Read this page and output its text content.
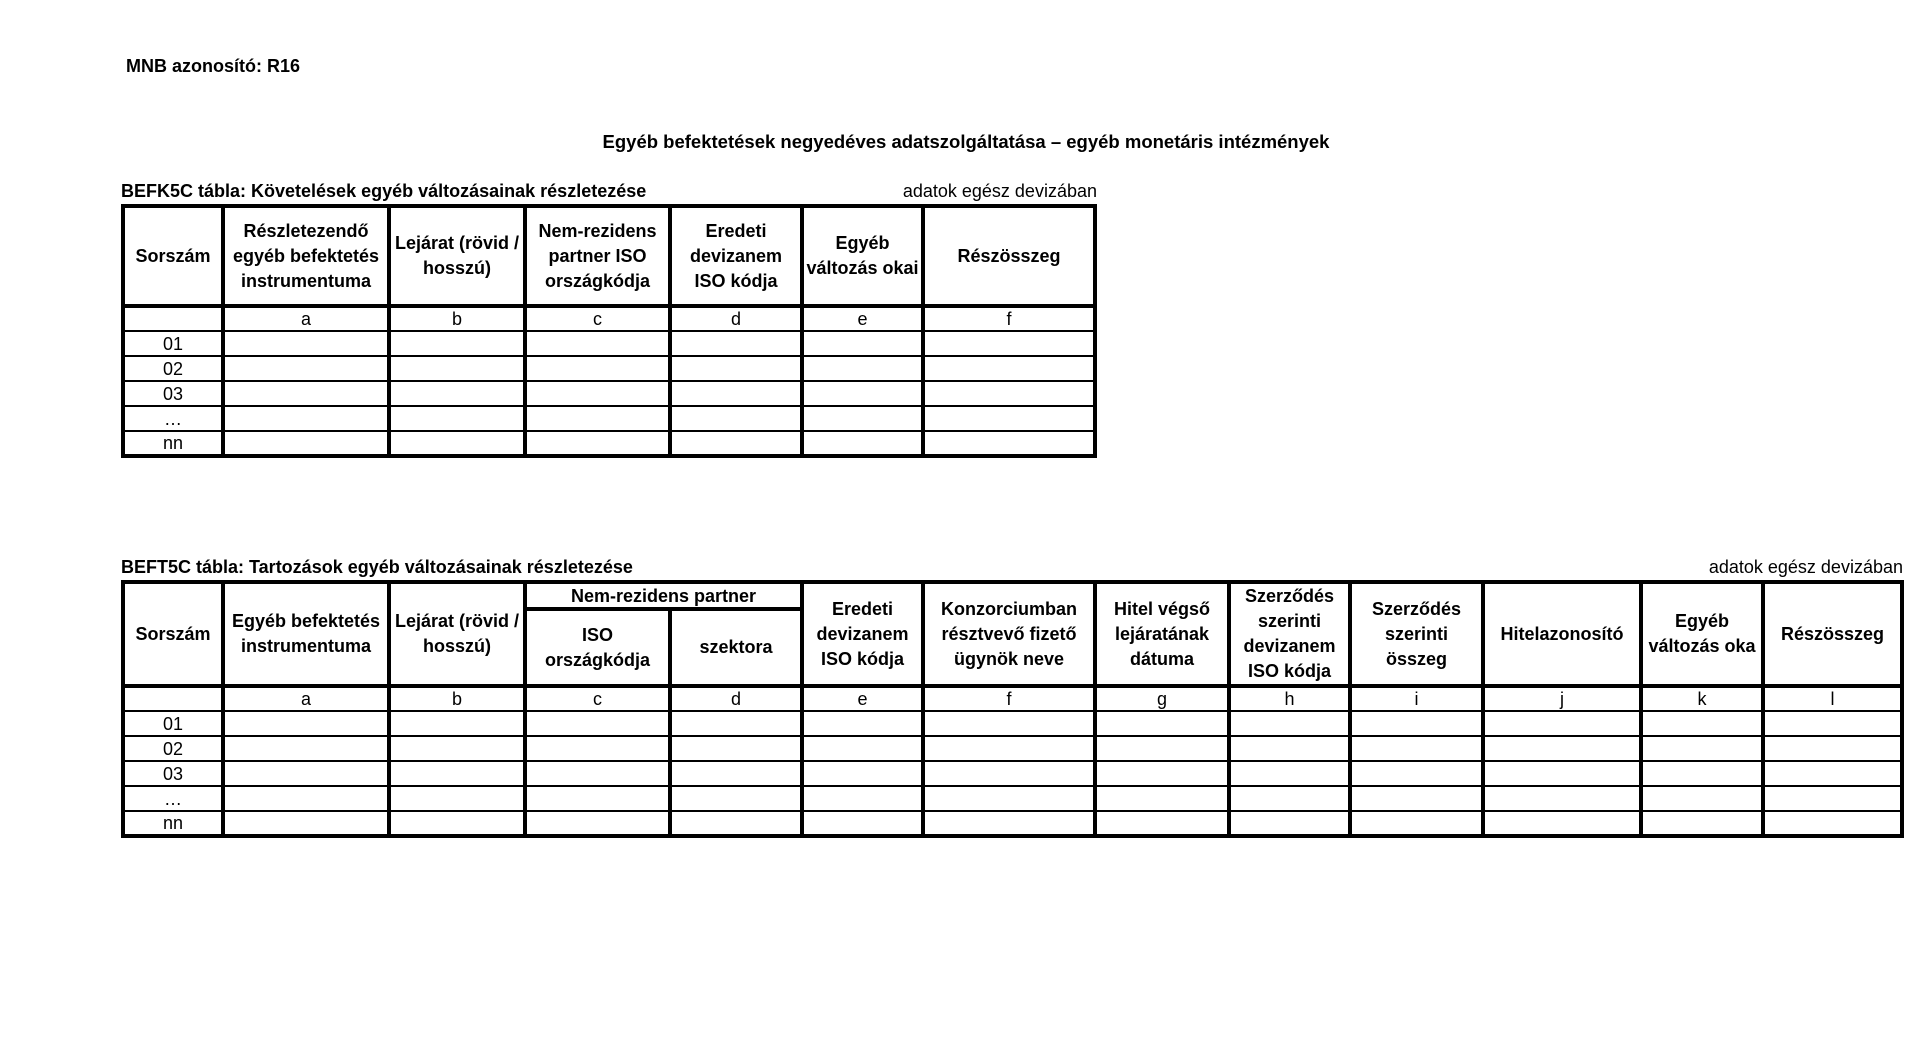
MNB azonosító: R16
Egyéb befektetések negyedéves adatszolgáltatása – egyéb monetáris intézmények
BEFK5C tábla: Követelések egyéb változásainak részletezése	adatok egész devizában
Sorszám	Részletezendő egyéb befektetés instrumentuma	Lejárat (rövid / hosszú)	Nem-rezidens partner ISO országkódja	Eredeti devizanem ISO kódja	Egyéb változás okai	Részösszeg
	a	b	c	d	e	f
01						
02						
03						
…						
nn						
BEFT5C tábla: Tartozások egyéb változásainak részletezése	adatok egész devizában
Sorszám	Egyéb befektetés instrumentuma	Lejárat (rövid / hosszú)	Nem-rezidens partner		Eredeti devizanem ISO kódja	Konzorciumban résztvevő fizető ügynök neve	Hitel végső lejáratának dátuma	Szerződés szerinti devizanem ISO kódja	Szerződés szerinti összeg	Hitelazonosító	Egyéb változás oka	Részösszeg
			ISO országkódja	szektora								
	a	b	c	d	e	f	g	h	i	j	k	l
01												
02												
03												
…												
nn												
